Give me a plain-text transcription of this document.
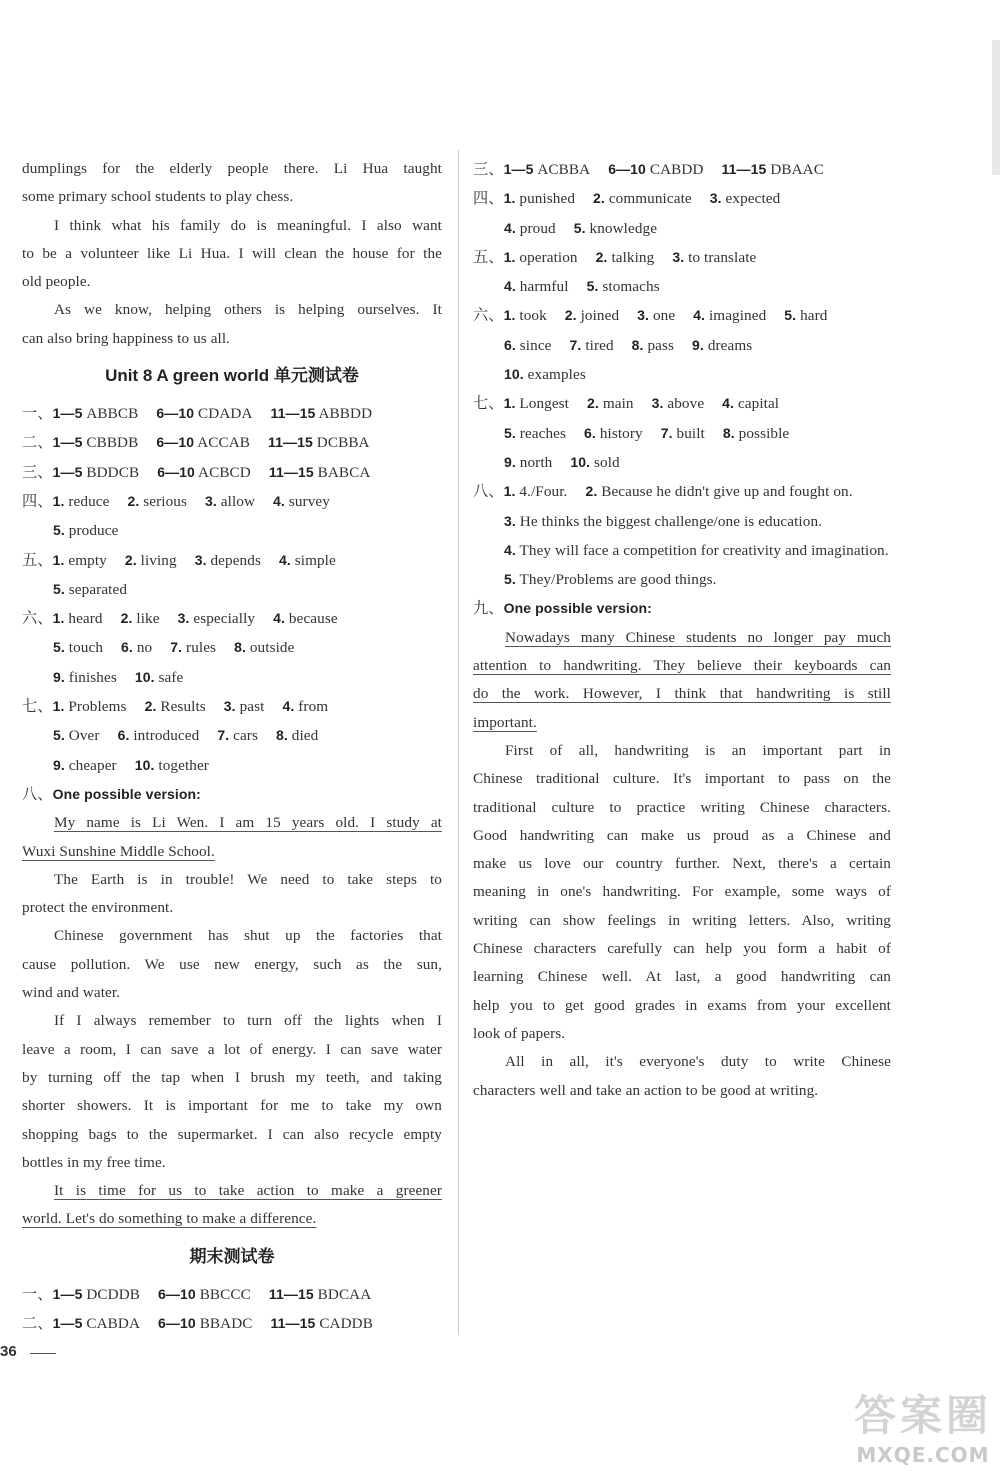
dumplings for the elderly people there. Li Hua taught
some primary school students to play chess.
I think what his family do is meaningful. I also want
to be a volunteer like Li Hua. I will clean the house for the
old people.
As we know, helping others is helping ourselves. It
can also bring happiness to us all.
Unit 8 A green world 单元测试卷
一、1—5 ABBCB 6—10 CDADA 11—15 ABBDD
二、1—5 CBBDB 6—10 ACCAB 11—15 DCBBA
三、1—5 BDDCB 6—10 ACBCD 11—15 BABCA
四、1. reduce 2. serious 3. allow 4. survey
5. produce
五、1. empty 2. living 3. depends 4. simple
5. separated
六、1. heard 2. like 3. especially 4. because
5. touch 6. no 7. rules 8. outside
9. finishes 10. safe
七、1. Problems 2. Results 3. past 4. from
5. Over 6. introduced 7. cars 8. died
9. cheaper 10. together
八、One possible version:
My name is Li Wen. I am 15 years old. I study at
Wuxi Sunshine Middle School.
The Earth is in trouble! We need to take steps to
protect the environment.
Chinese government has shut up the factories that
cause pollution. We use new energy, such as the sun,
wind and water.
If I always remember to turn off the lights when I
leave a room, I can save a lot of energy. I can save water
by turning off the tap when I brush my teeth, and taking
shorter showers. It is important for me to take my own
shopping bags to the supermarket. I can also recycle empty
bottles in my free time.
It is time for us to take action to make a greener
world. Let's do something to make a difference.
期末测试卷
一、1—5 DCDDB 6—10 BBCCC 11—15 BDCAA
二、1—5 CABDA 6—10 BBADC 11—15 CADDB
三、1—5 ACBBA 6—10 CABDD 11—15 DBAAC
四、1. punished 2. communicate 3. expected
4. proud 5. knowledge
五、1. operation 2. talking 3. to translate
4. harmful 5. stomachs
六、1. took 2. joined 3. one 4. imagined 5. hard
6. since 7. tired 8. pass 9. dreams
10. examples
七、1. Longest 2. main 3. above 4. capital
5. reaches 6. history 7. built 8. possible
9. north 10. sold
八、1. 4./Four. 2. Because he didn't give up and fought on.
3. He thinks the biggest challenge/one is education.
4. They will face a competition for creativity and imagination.
5. They/Problems are good things.
九、One possible version:
Nowadays many Chinese students no longer pay much
attention to handwriting. They believe their keyboards can
do the work. However, I think that handwriting is still
important.
First of all, handwriting is an important part in
Chinese traditional culture. It's important to pass on the
traditional culture to practice writing Chinese characters.
Good handwriting can make us proud as a Chinese and
make us love our country further. Next, there's a certain
meaning in one's handwriting. For example, some ways of
writing can show feelings in writing letters. Also, writing
Chinese characters carefully can help you form a habit of
learning Chinese well. At last, a good handwriting can
help you to get good grades in exams from your excellent
look of papers.
All in all, it's everyone's duty to write Chinese
characters well and take an action to be good at writing.
36
答案圈
MXQE.COM
